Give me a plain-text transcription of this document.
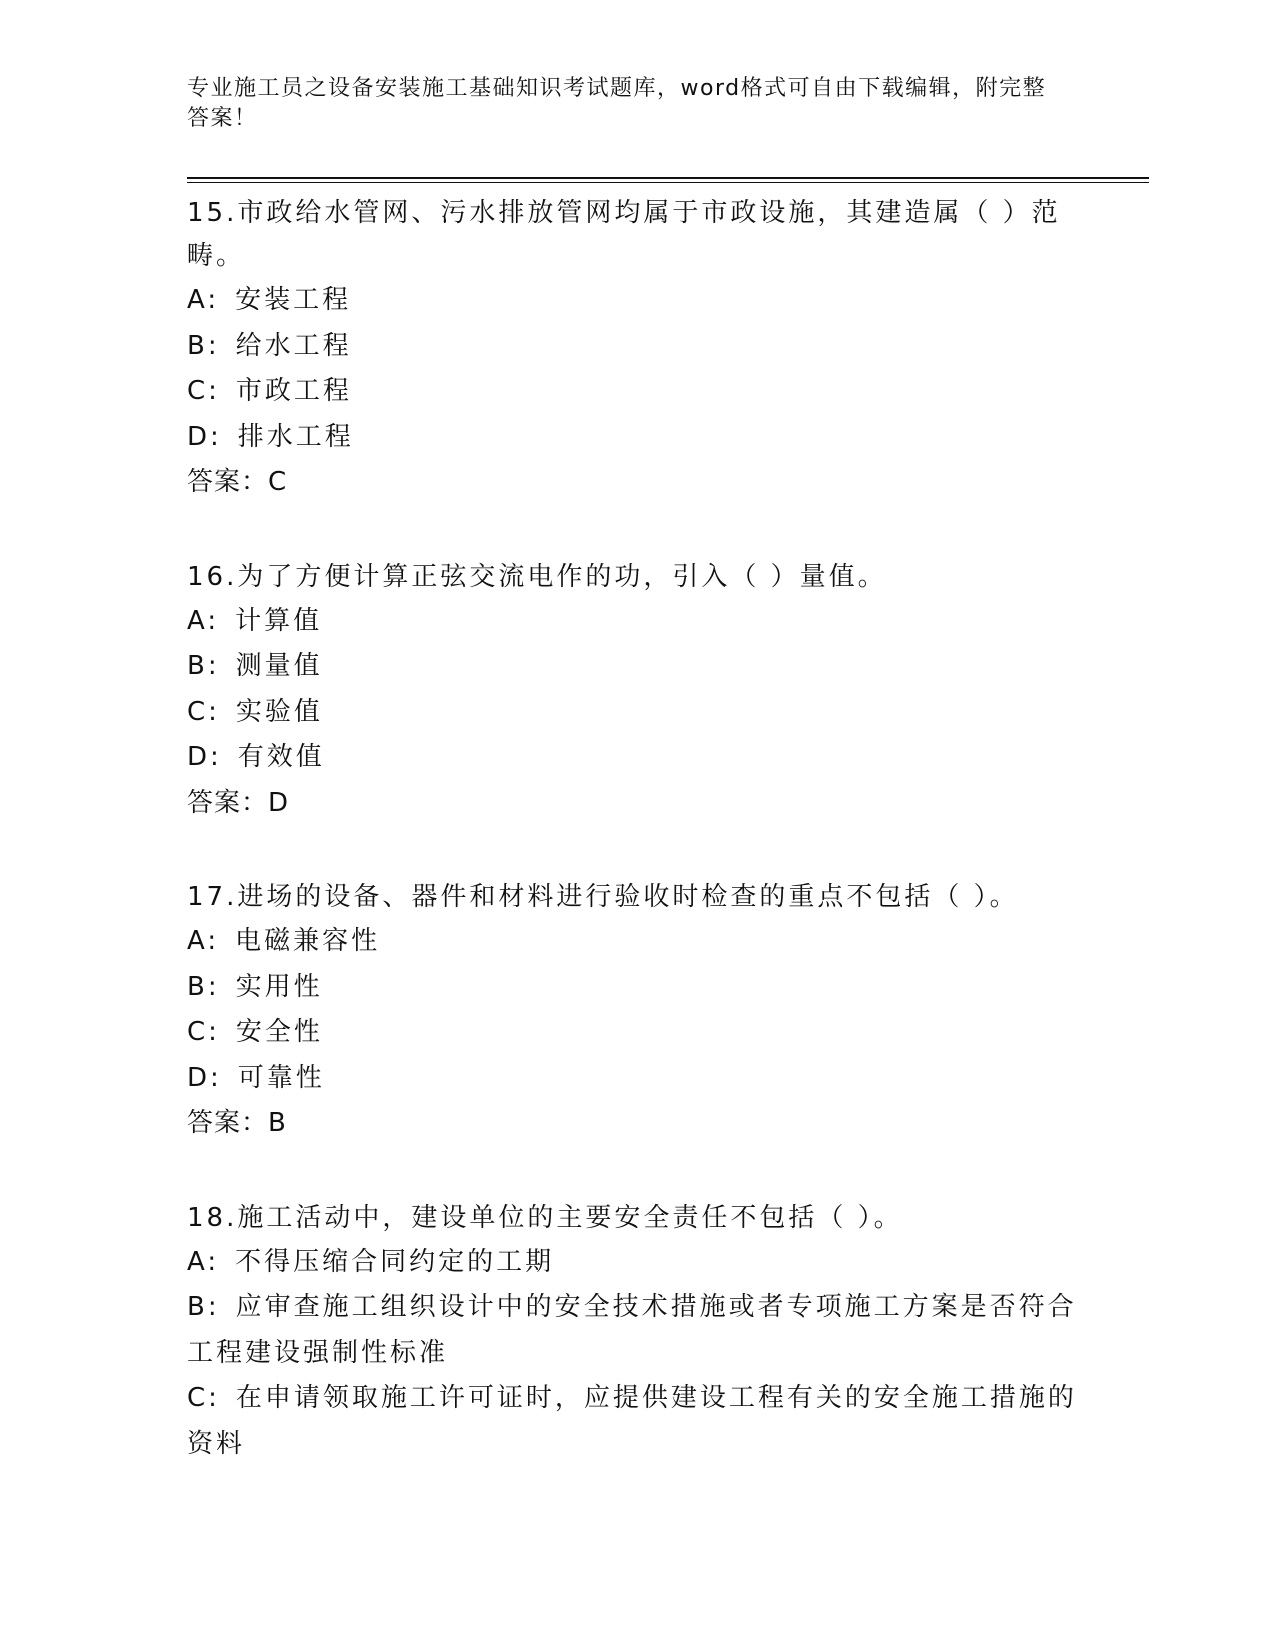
专业施工员之设备安装施工基础知识考试题库，word格式可自由下载编辑，附完整答案！
15.市政给水管网、污水排放管网均属于市政设施，其建造属（ ）范畴。
A: 安装工程
B: 给水工程
C: 市政工程
D: 排水工程
答案：C
16.为了方便计算正弦交流电作的功，引入（ ）量值。
A: 计算值
B: 测量值
C: 实验值
D: 有效值
答案：D
17.进场的设备、器件和材料进行验收时检查的重点不包括（ ）。
A: 电磁兼容性
B: 实用性
C: 安全性
D: 可靠性
答案：B
18.施工活动中，建设单位的主要安全责任不包括（ ）。
A: 不得压缩合同约定的工期
B: 应审查施工组织设计中的安全技术措施或者专项施工方案是否符合工程建设强制性标准
C: 在申请领取施工许可证时，应提供建设工程有关的安全施工措施的资料
